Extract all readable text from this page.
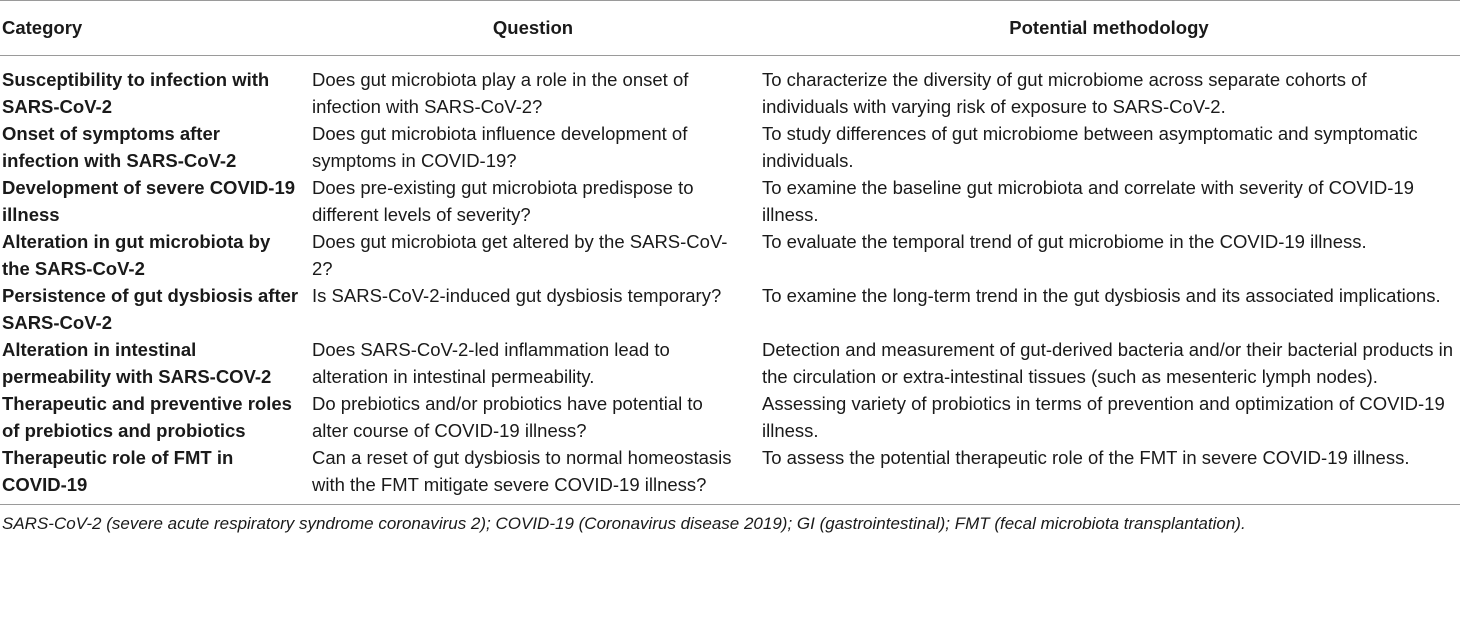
Category	Question	Potential methodology
Susceptibility to infection with SARS-CoV-2	Does gut microbiota play a role in the onset of infection with SARS-CoV-2?	To characterize the diversity of gut microbiome across separate cohorts of individuals with varying risk of exposure to SARS-CoV-2.
Onset of symptoms after infection with SARS-CoV-2	Does gut microbiota influence development of symptoms in COVID-19?	To study differences of gut microbiome between asymptomatic and symptomatic individuals.
Development of severe COVID-19 illness	Does pre-existing gut microbiota predispose to different levels of severity?	To examine the baseline gut microbiota and correlate with severity of COVID-19 illness.
Alteration in gut microbiota by the SARS-CoV-2	Does gut microbiota get altered by the SARS-CoV-2?	To evaluate the temporal trend of gut microbiome in the COVID-19 illness.
Persistence of gut dysbiosis after SARS-CoV-2	Is SARS-CoV-2-induced gut dysbiosis temporary?	To examine the long-term trend in the gut dysbiosis and its associated implications.
Alteration in intestinal permeability with SARS-COV-2	Does SARS-CoV-2-led inflammation lead to alteration in intestinal permeability.	Detection and measurement of gut-derived bacteria and/or their bacterial products in the circulation or extra-intestinal tissues (such as mesenteric lymph nodes).
Therapeutic and preventive roles of prebiotics and probiotics	Do prebiotics and/or probiotics have potential to alter course of COVID-19 illness?	Assessing variety of probiotics in terms of prevention and optimization of COVID-19 illness.
Therapeutic role of FMT in COVID-19	Can a reset of gut dysbiosis to normal homeostasis with the FMT mitigate severe COVID-19 illness?	To assess the potential therapeutic role of the FMT in severe COVID-19 illness.
SARS-CoV-2 (severe acute respiratory syndrome coronavirus 2); COVID-19 (Coronavirus disease 2019); GI (gastrointestinal); FMT (fecal microbiota transplantation).
